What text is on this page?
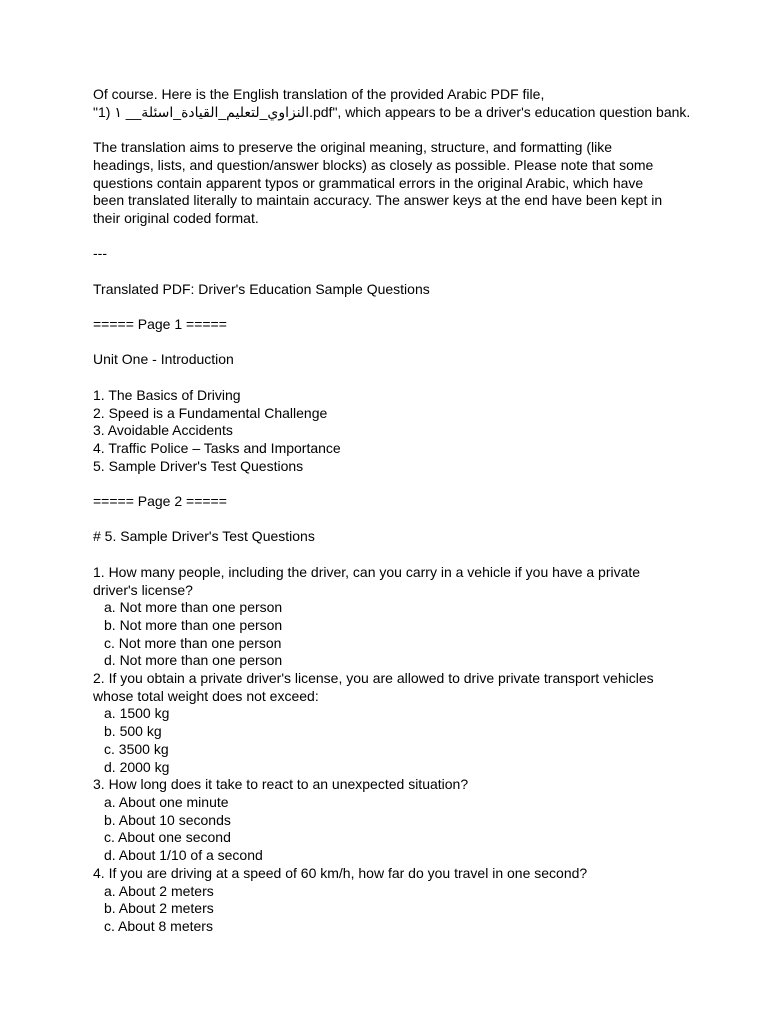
Of course. Here is the English translation of the provided Arabic PDF file,

"1) ١ النزاوي_لتعليم_القيادة_اسئلة__.pdf", which appears to be a driver's education question bank.

The translation aims to preserve the original meaning, structure, and formatting (like

headings, lists, and question/answer blocks) as closely as possible. Please note that some

questions contain apparent typos or grammatical errors in the original Arabic, which have

been translated literally to maintain accuracy. The answer keys at the end have been kept in

their original coded format.

---

Translated PDF: Driver's Education Sample Questions

===== Page 1 =====

Unit One - Introduction

1. The Basics of Driving

2. Speed is a Fundamental Challenge

3. Avoidable Accidents

4. Traffic Police – Tasks and Importance

5. Sample Driver's Test Questions

===== Page 2 =====

# 5. Sample Driver's Test Questions

1. How many people, including the driver, can you carry in a vehicle if you have a private

driver's license?

a. Not more than one person

b. Not more than one person

c. Not more than one person

d. Not more than one person

2. If you obtain a private driver's license, you are allowed to drive private transport vehicles

whose total weight does not exceed:

a. 1500 kg

b. 500 kg

c. 3500 kg

d. 2000 kg

3. How long does it take to react to an unexpected situation?

a. About one minute

b. About 10 seconds

c. About one second

d. About 1/10 of a second

4. If you are driving at a speed of 60 km/h, how far do you travel in one second?

a. About 2 meters

b. About 2 meters

c. About 8 meters
